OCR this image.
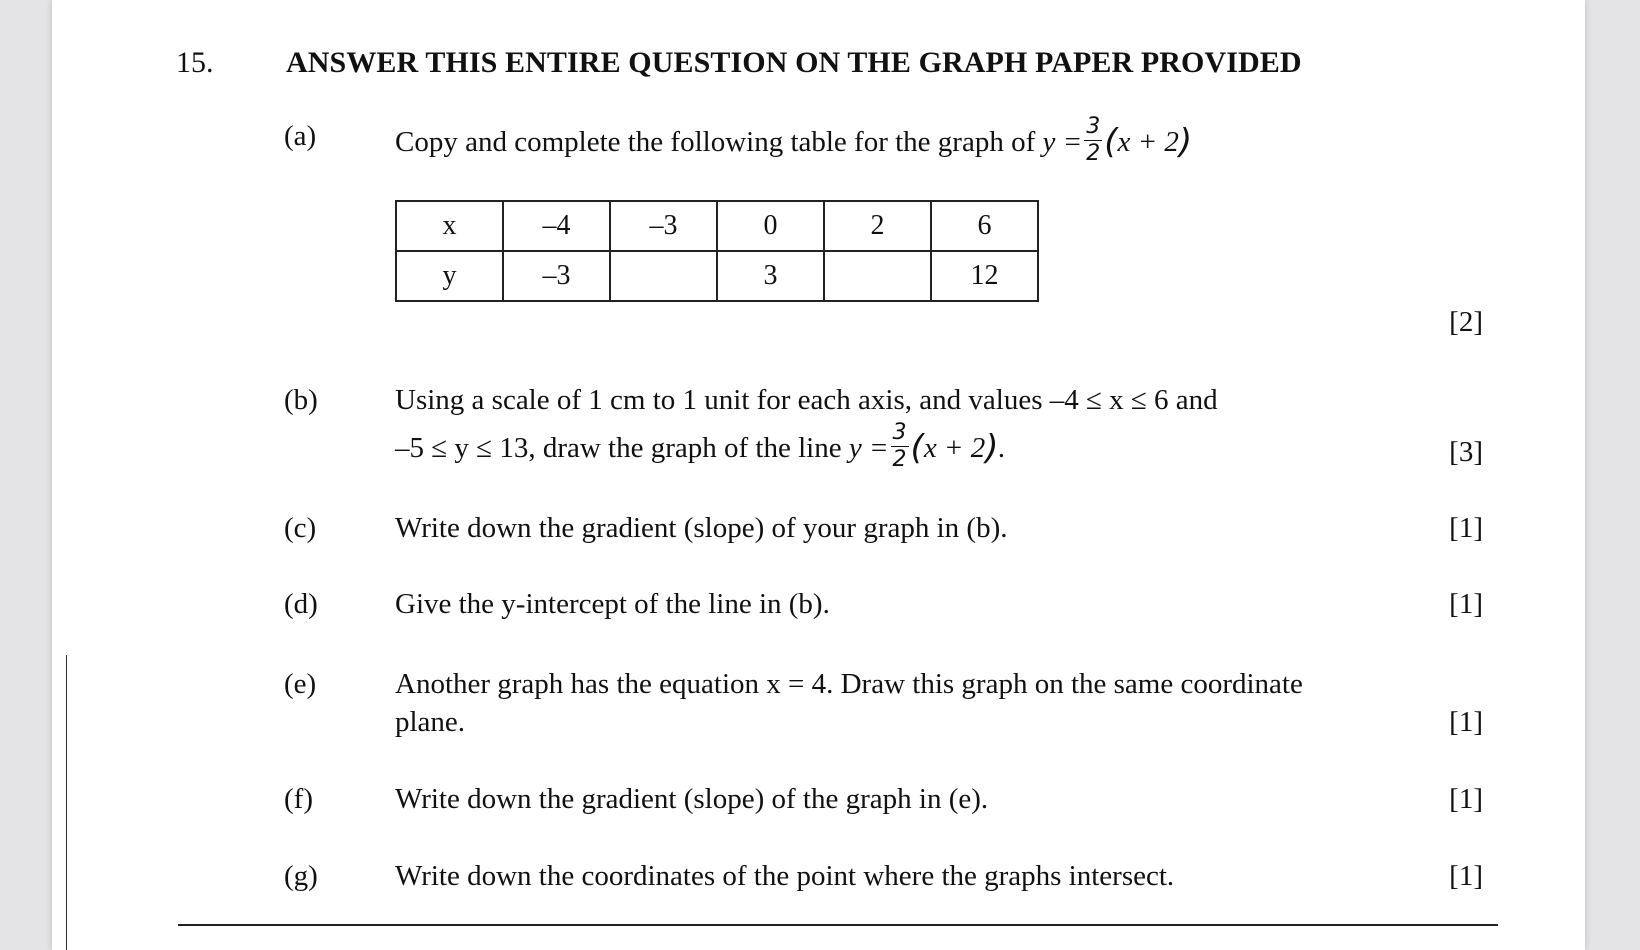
15. ANSWER THIS ENTIRE QUESTION ON THE GRAPH PAPER PROVIDED
(a)	Copy and complete the following table for the graph of $y = \frac{3}{2} (x + 2)$
x	–4	–3	0	2	6
y	–3		3		12
[2]
(b)	Using a scale of 1 cm to 1 unit for each axis, and values –4 ≤ x ≤ 6 and
–5 ≤ y ≤ 13, draw the graph of the line $y = \frac{3}{2} (x + 2)$.	[3]
(c)	Write down the gradient (slope) of your graph in (b).	[1]
(d)	Give the y-intercept of the line in (b).	[1]
(e)	Another graph has the equation x = 4. Draw this graph on the same coordinate
plane.	[1]
(f)	Write down the gradient (slope) of the graph in (e).	[1]
(g)	Write down the coordinates of the point where the graphs intersect.	[1]
